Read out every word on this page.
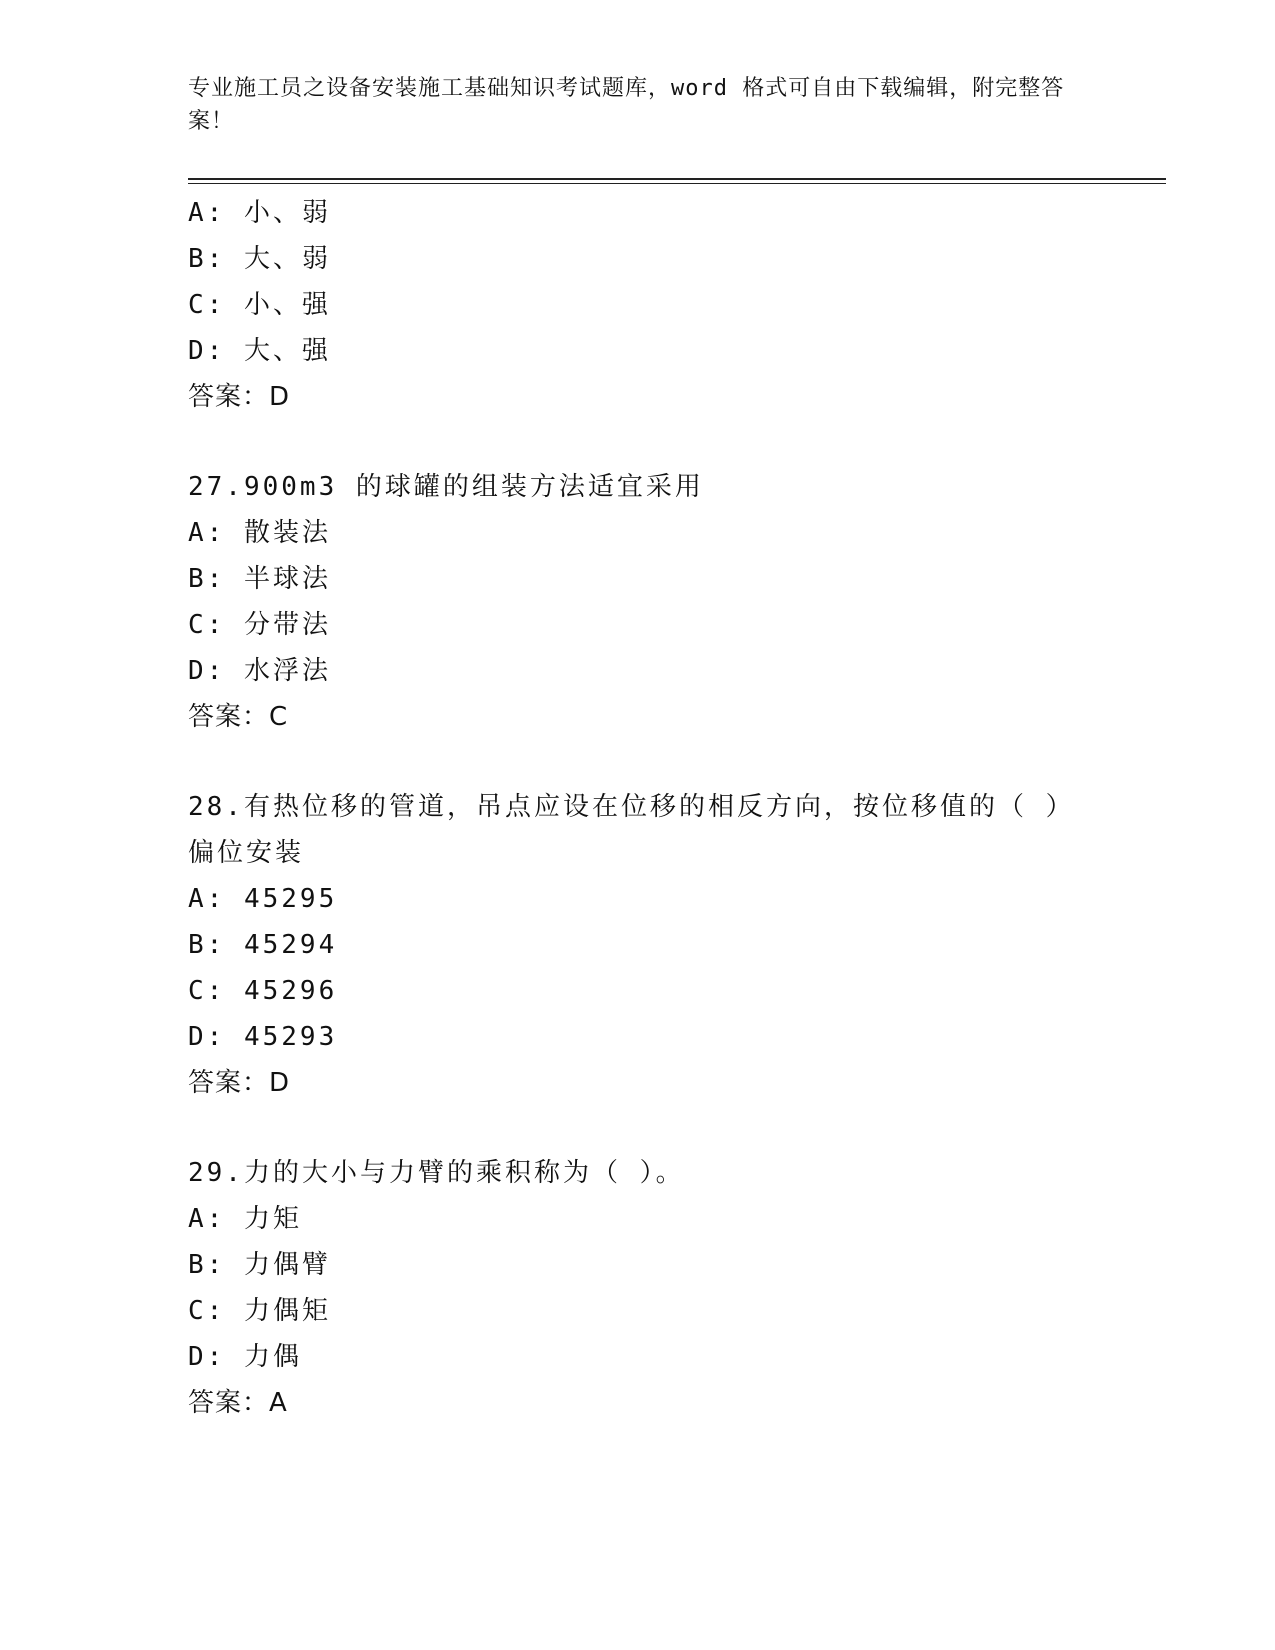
专业施工员之设备安装施工基础知识考试题库，word 格式可自由下载编辑，附完整答案！
A: 小、弱
B: 大、弱
C: 小、强
D: 大、强
答案：D
27.900m3 的球罐的组装方法适宜采用
A: 散装法
B: 半球法
C: 分带法
D: 水浮法
答案：C
28.有热位移的管道，吊点应设在位移的相反方向，按位移值的（ ）
偏位安装
A: 45295
B: 45294
C: 45296
D: 45293
答案：D
29.力的大小与力臂的乘积称为（ ）。
A: 力矩
B: 力偶臂
C: 力偶矩
D: 力偶
答案：A
